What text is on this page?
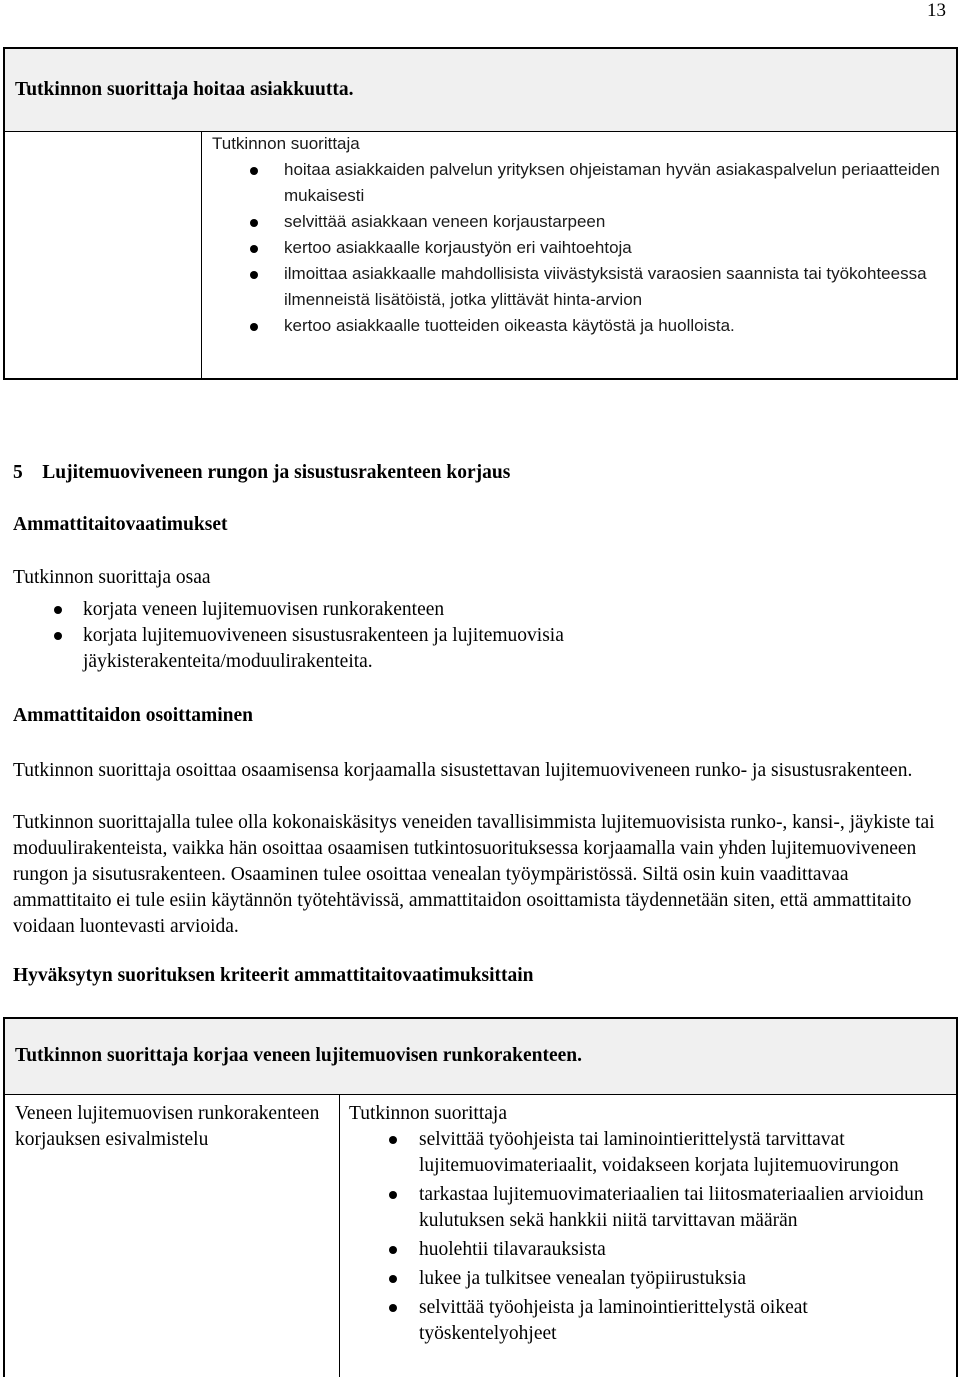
13
Tutkinnon suorittaja hoitaa asiakkuutta.
Tutkinnon suorittaja
hoitaa asiakkaiden palvelun yrityksen ohjeistaman hyvän asiakaspalvelun periaatteiden mukaisesti
selvittää asiakkaan veneen korjaustarpeen
kertoo asiakkaalle korjaustyön eri vaihtoehtoja
ilmoittaa asiakkaalle mahdollisista viivästyksistä varaosien saannista tai työkohteessa ilmenneistä lisätöistä, jotka ylittävät hinta-arvion
kertoo asiakkaalle tuotteiden oikeasta käytöstä ja huolloista.
5    Lujitemuoviveneen rungon ja sisustusrakenteen korjaus
Ammattitaitovaatimukset
Tutkinnon suorittaja osaa
korjata veneen lujitemuovisen runkorakenteen
korjata lujitemuoviveneen sisustusrakenteen ja lujitemuovisia jäykisterakenteita/moduulirakenteita.
Ammattitaidon osoittaminen
Tutkinnon suorittaja osoittaa osaamisensa korjaamalla sisustettavan lujitemuoviveneen runko- ja sisustusrakenteen.
Tutkinnon suorittajalla tulee olla kokonaiskäsitys veneiden tavallisimmista lujitemuovisista runko-, kansi-, jäykiste tai moduulirakenteista, vaikka hän osoittaa osaamisen tutkintosuorituksessa korjaamalla vain yhden lujitemuoviveneen rungon ja sisutusrakenteen. Osaaminen tulee osoittaa venealan työympäristössä. Siltä osin kuin vaadittavaa ammattitaito ei tule esiin käytännön työtehtävissä, ammattitaidon osoittamista täydennetään siten, että ammattitaito voidaan luontevasti arvioida.
Hyväksytyn suorituksen kriteerit ammattitaitovaatimuksittain
Tutkinnon suorittaja korjaa veneen lujitemuovisen runkorakenteen.
Veneen lujitemuovisen runkorakenteen korjauksen esivalmistelu
Tutkinnon suorittaja
selvittää työohjeista tai laminointierittelystä tarvittavat lujitemuovimateriaalit, voidakseen korjata lujitemuovirungon
tarkastaa lujitemuovimateriaalien tai liitosmateriaalien arvioidun kulutuksen sekä hankkii niitä tarvittavan määrän
huolehtii tilavarauksista
lukee ja tulkitsee venealan työpiirustuksia
selvittää työohjeista ja laminointierittelystä oikeat työskentelyohjeet
